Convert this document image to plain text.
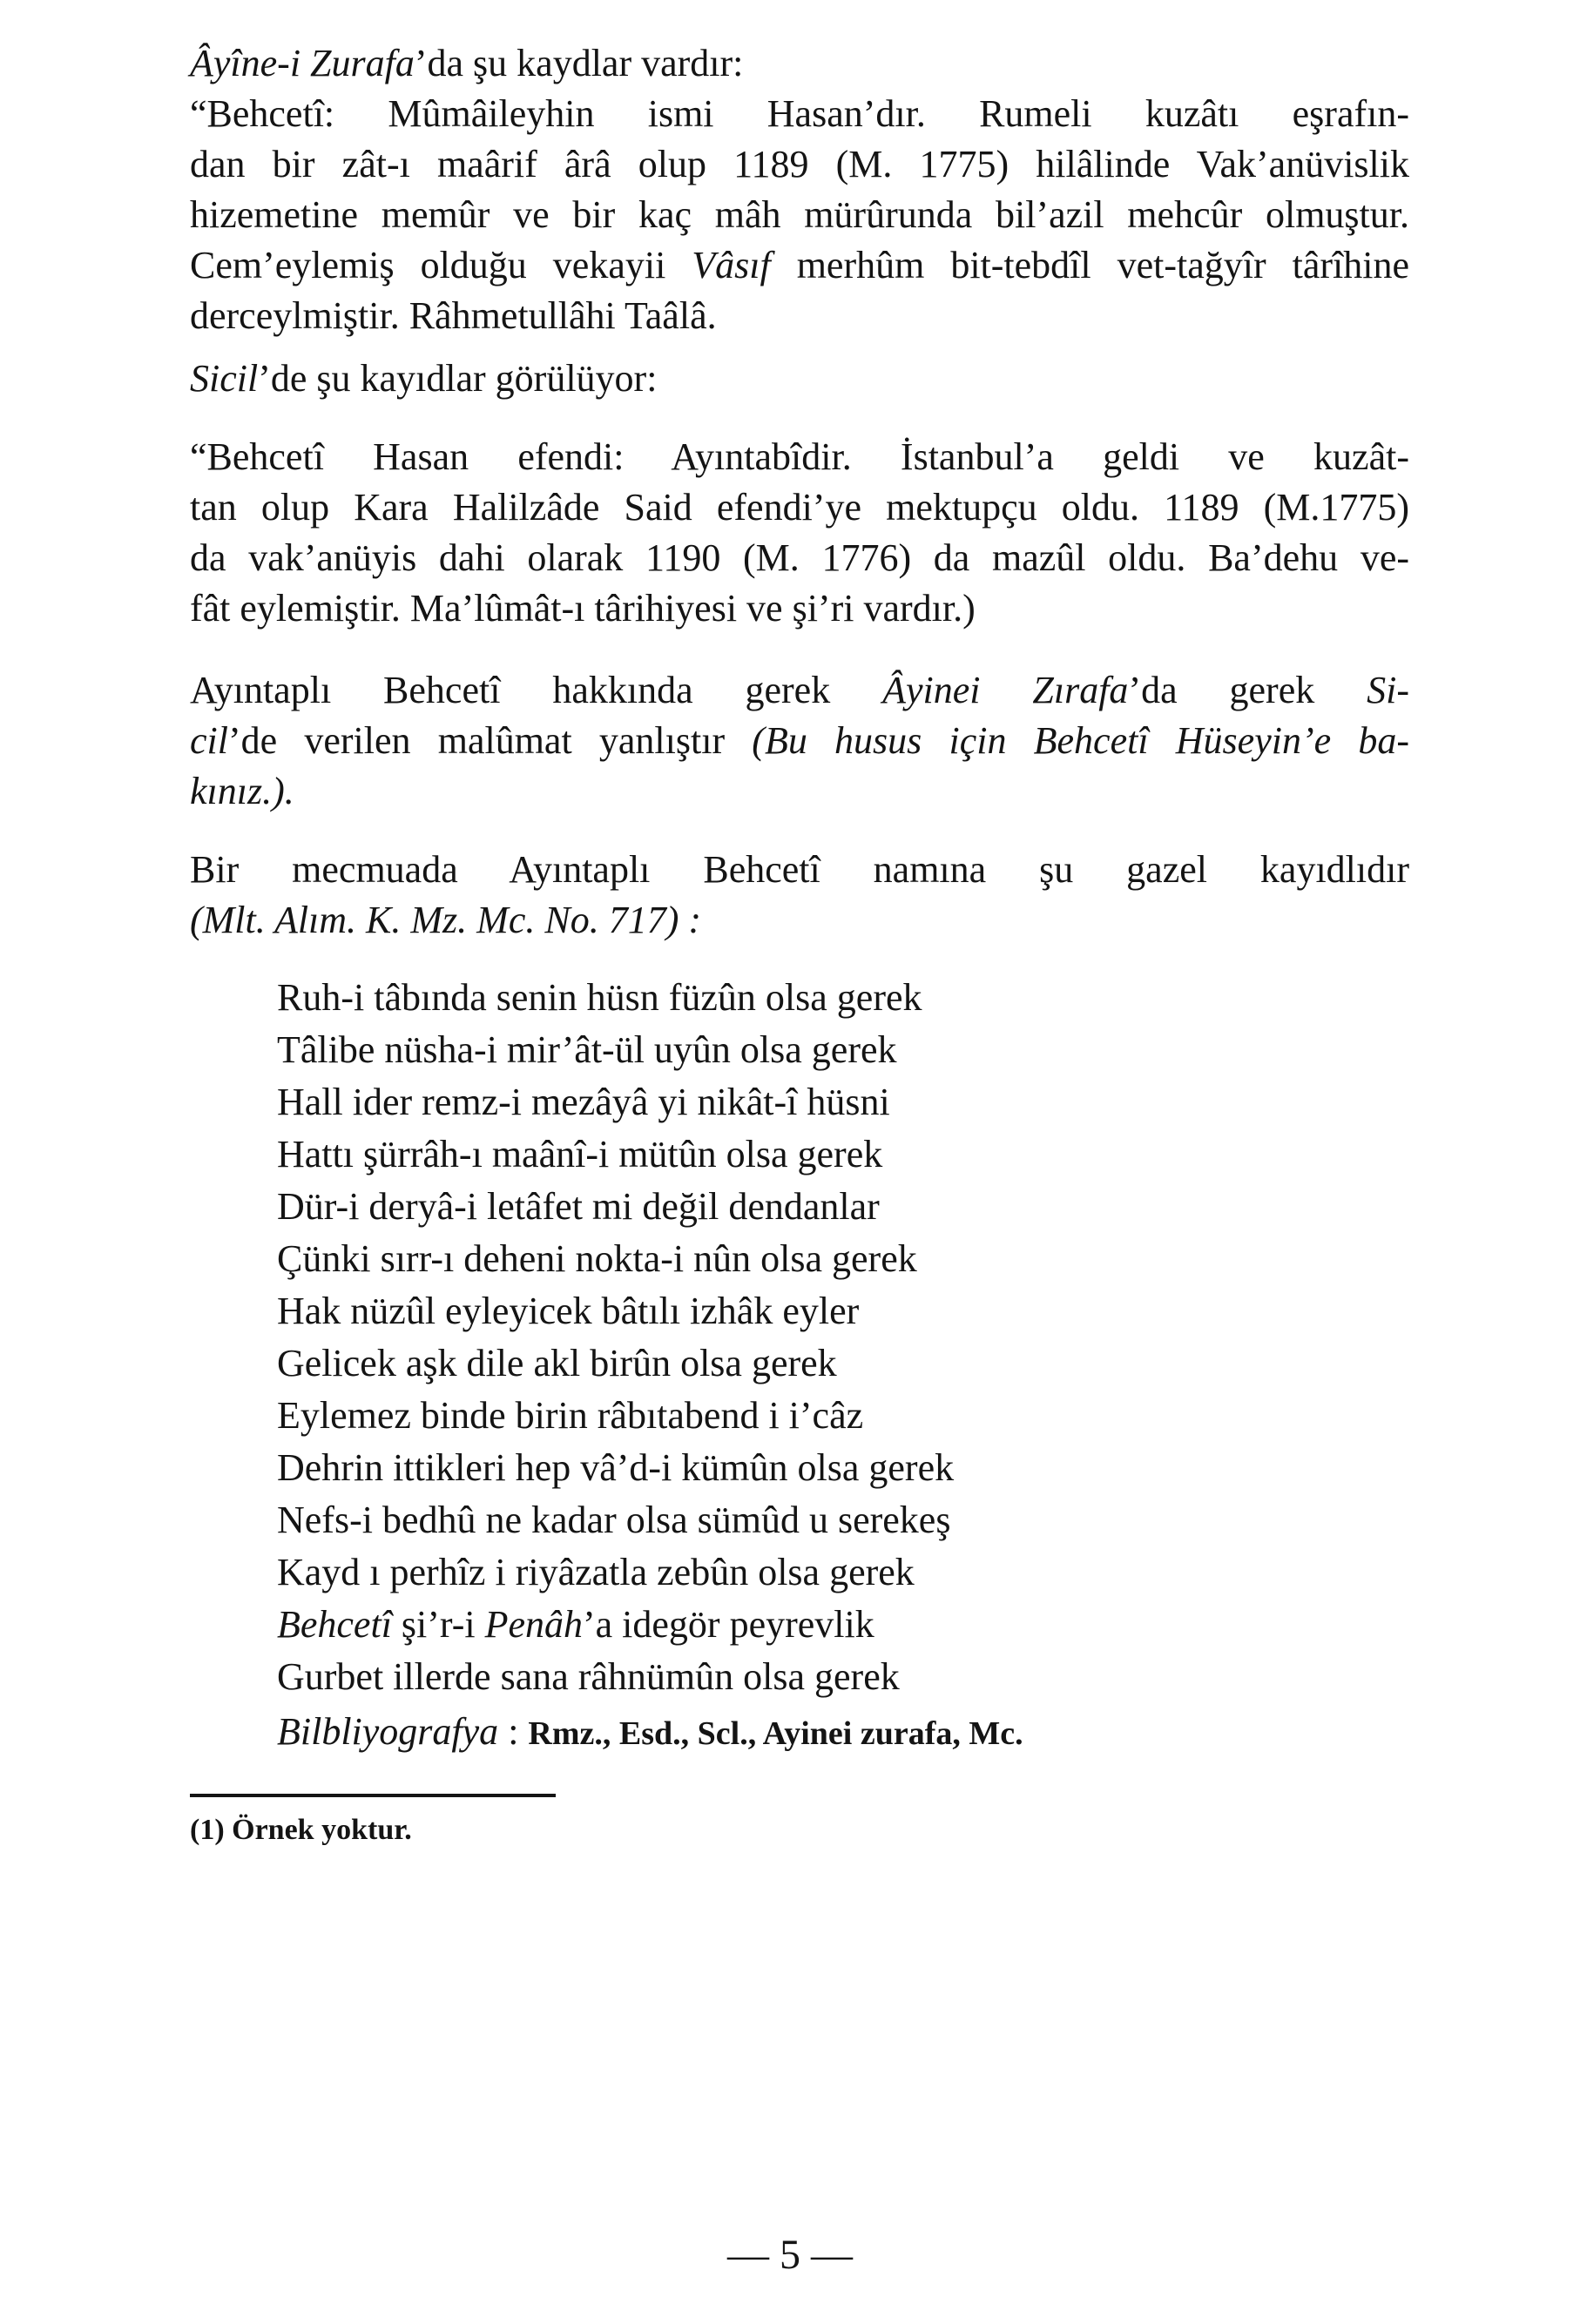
Âyîne-i Zurafa’da şu kaydlar vardır:
“Behcetî: Mûmâileyhin ismi Hasan’dır. Rumeli kuzâtı eşrafın-
dan bir zât-ı maârif ârâ olup 1189 (M. 1775) hilâlinde Vak’anüvislik
hizemetine memûr ve bir kaç mâh mürûrunda bil’azil mehcûr olmuştur.
Cem’eylemiş olduğu vekayii Vâsıf merhûm bit-tebdîl vet-tağyîr târîhine
derceylmiştir. Râhmetullâhi Taâlâ.
Sicil’de şu kayıdlar görülüyor:
“Behcetî Hasan efendi: Ayıntabîdir. İstanbul’a geldi ve kuzât-
tan olup Kara Halilzâde Said efendi’ye mektupçu oldu. 1189 (M.1775)
da vak’anüyis dahi olarak 1190 (M. 1776) da mazûl oldu. Ba’dehu ve-
fât eylemiştir. Ma’lûmât-ı târihiyesi ve şi’ri vardır.)
Ayıntaplı Behcetî hakkında gerek Âyinei Zırafa’da gerek Si-
cil’de verilen malûmat yanlıştır (Bu husus için Behcetî Hüseyin’e ba-
kınız.).
Bir mecmuada Ayıntaplı Behcetî namına şu gazel kayıdlıdır
(Mlt. Alım. K. Mz. Mc. No. 717) :
Ruh-i tâbında senin hüsn füzûn olsa gerek
Tâlibe nüsha-i mir’ât-ül uyûn olsa gerek
Hall ider remz-i mezâyâ yi nikât-î hüsni
Hattı şürrâh-ı maânî-i mütûn olsa gerek
Dür-i deryâ-i letâfet mi değil dendanlar
Çünki sırr-ı deheni nokta-i nûn olsa gerek
Hak nüzûl eyleyicek bâtılı izhâk eyler
Gelicek aşk dile akl birûn olsa gerek
Eylemez binde birin râbıtabend i i’câz
Dehrin ittikleri hep vâ’d-i kümûn olsa gerek
Nefs-i bedhû ne kadar olsa sümûd u serekeş
Kayd ı perhîz i riyâzatla zebûn olsa gerek
Behcetî şi’r-i Penâh’a idegör peyrevlik
Gurbet illerde sana râhnümûn olsa gerek
Bilbliyografya : Rmz., Esd., Scl., Ayinei zurafa, Mc.
(1) Örnek yoktur.
— 5 —
